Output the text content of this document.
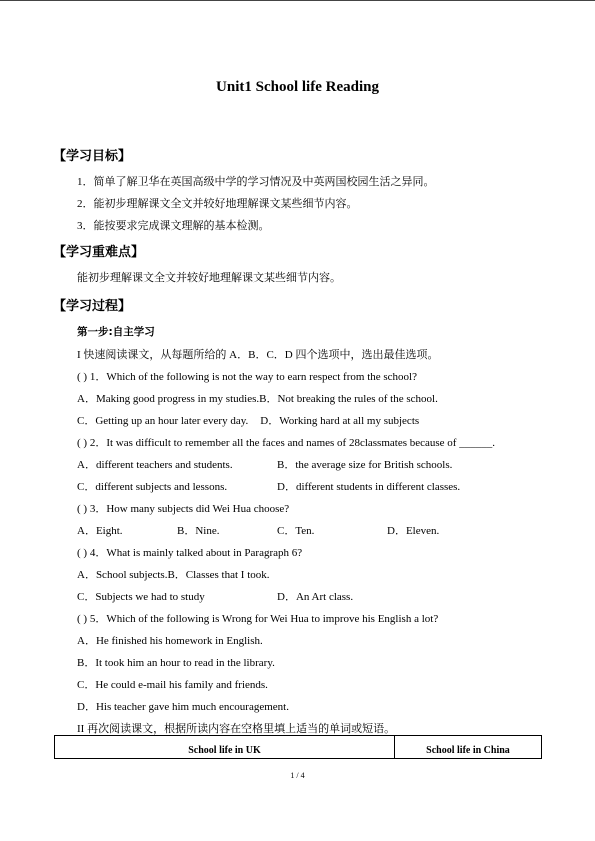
Unit1 School life Reading
【学习目标】
1．简单了解卫华在英国高级中学的学习情况及中英两国校园生活之异同。
2．能初步理解课文全文并较好地理解课文某些细节内容。
3．能按要求完成课文理解的基本检测。
【学习重难点】
能初步理解课文全文并较好地理解课文某些细节内容。
【学习过程】
第一步:自主学习
I 快速阅读课文，从每题所给的 A．B．C．D 四个选项中，选出最佳选项。
( ) 1．Which of the following is not the way to earn respect from the school?
A．Making good progress in my studies.B．Not breaking the rules of the school.
C．Getting up an hour later every day. D．Working hard at all my subjects
( ) 2．It was difficult to remember all the faces and names of 28classmates because of ______.
A．different teachers and students.	B．the average size for British schools.
C．different subjects and lessons.	D．different students in different classes.
( ) 3．How many subjects did Wei Hua choose?
A．Eight.	B．Nine.	C．Ten.	D．Eleven.
( ) 4．What is mainly talked about in Paragraph 6?
A．School subjects.B．Classes that I took.
C．Subjects we had to study	D．An Art class.
( ) 5．Which of the following is Wrong for Wei Hua to improve his English a lot?
A．He finished his homework in English.
B．It took him an hour to read in the library.
C．He could e-mail his family and friends.
D．His teacher gave him much encouragement.
II 再次阅读课文，根据所读内容在空格里填上适当的单词或短语。
School life in UK	School life in China
1 / 4
